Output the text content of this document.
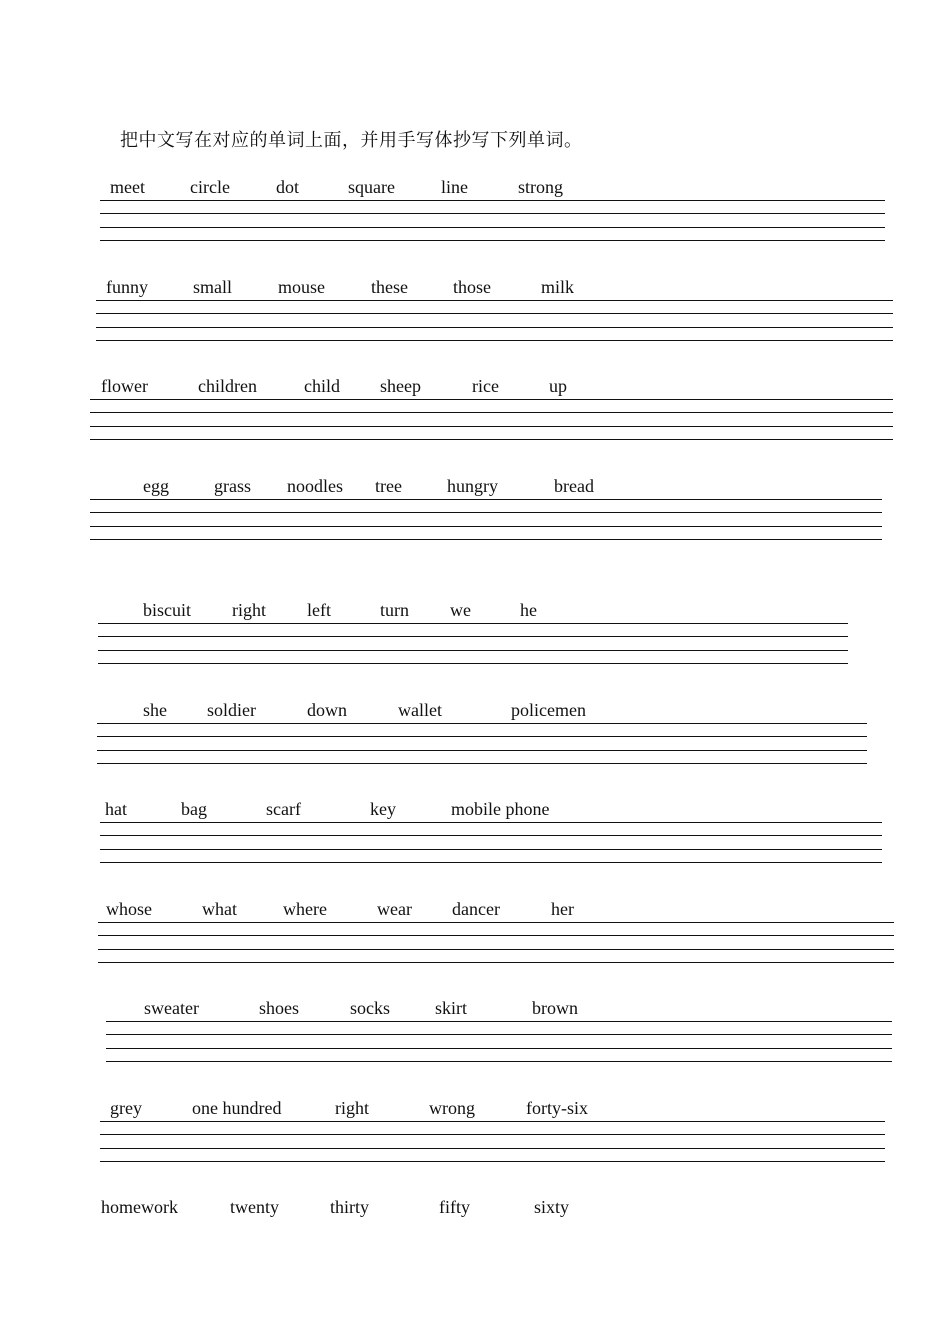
把中文写在对应的单词上面，并用手写体抄写下列单词。
meet	circle	dot	square	line	strong
funny	small	mouse	these	those	milk
flower	children	child sheep	rice	up
egg	grass noodles tree	hungry	bread
biscuit right left	turn we	he
she soldier	down	wallet	policemen
hat	bag	scarf	key	mobile phone
whose	what	where	wear dancer	her
sweater	shoes	socks	skirt	brown
grey	one hundred	right	wrong	forty-six
homework	twenty	thirty	fifty	sixty
